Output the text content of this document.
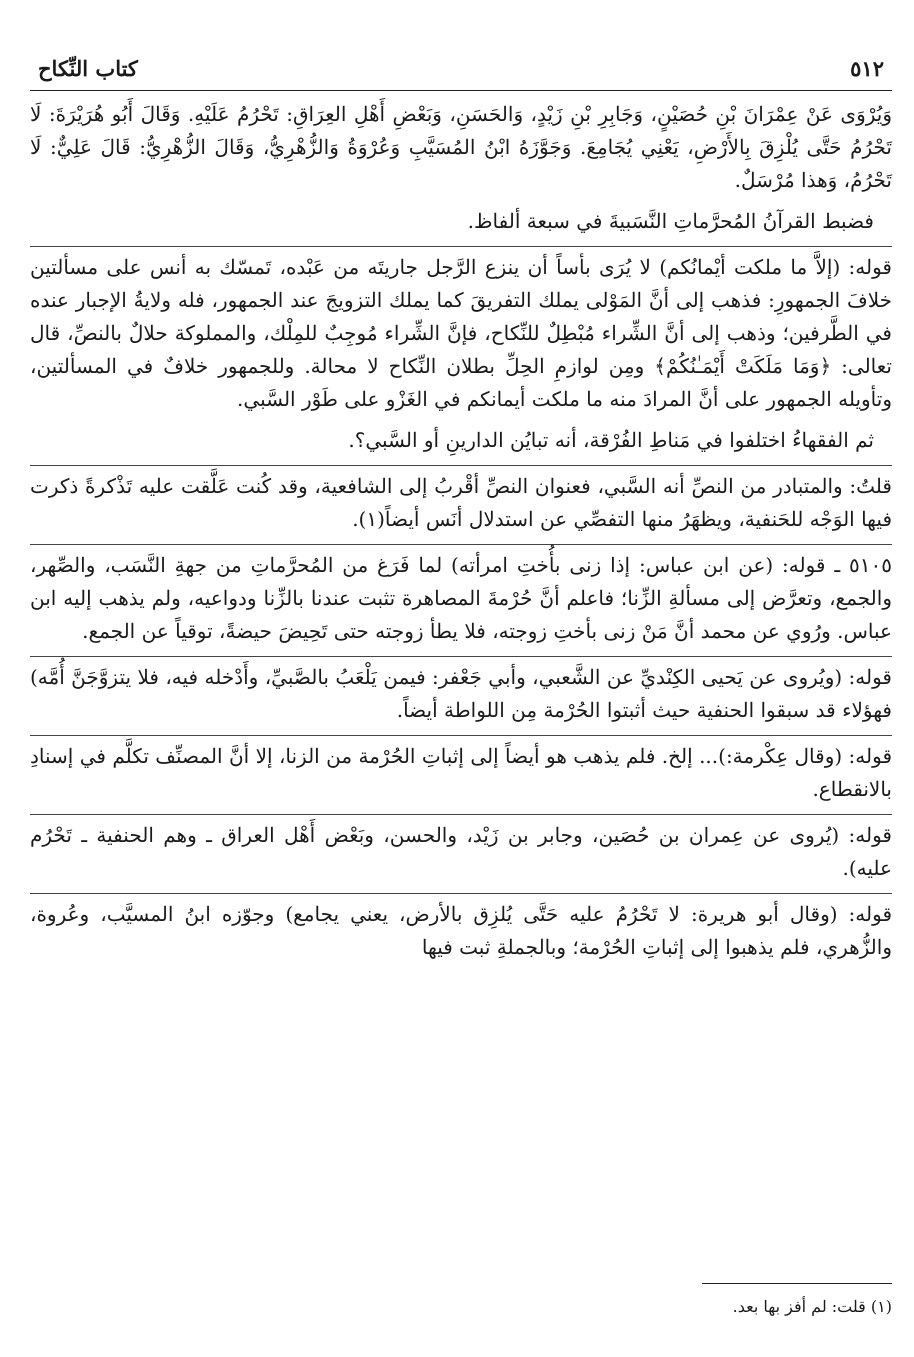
٥١٢
كتاب النِّكاح

وَيُرْوَى عَنْ عِمْرَانَ بْنِ حُصَيْنٍ، وَجَابِرِ بْنِ زَيْدٍ، وَالحَسَنِ، وَبَعْضِ أَهْلِ العِرَاقِ: تَحْرُمُ عَلَيْهِ. وَقَالَ أَبُو هُرَيْرَةَ: لَا تَحْرُمُ حَتَّى يُلْزِقَ بِالأَرْضِ، يَعْنِي يُجَامِعَ. وَجَوَّزَهُ ابْنُ المُسَيَّبِ وَعُرْوَةُ وَالزُّهْرِيُّ، وَقَالَ الزُّهْرِيُّ: قَالَ عَلِيٌّ: لَا تَحْرُمُ، وَهذا مُرْسَلٌ.

فضبط القرآنُ المُحرَّماتِ النَّسَبيةَ في سبعة ألفاظ.

قوله: (إلاَّ ما ملكت أيْمانُكم) لا يُرَى بأساً أن ينزع الرَّجل جاريتَه من عَبْده، تَمسّك به أنس على مسألتين خلافَ الجمهورِ: فذهب إلى أنَّ المَوْلى يملك التفريقَ كما يملك التزويجَ عند الجمهور، فله ولايةُ الإجبار عنده في الطَّرفين؛ وذهب إلى أنَّ الشِّراء مُبْطِلٌ للنِّكاح، فإنَّ الشِّراء مُوجِبٌ للمِلْك، والمملوكة حلالٌ بالنصِّ، قال تعالى: ﴿وَمَا مَلَكَتْ أَيْمَـٰنُكُمْ﴾ ومِن لوازمِ الحِلِّ بطلان النِّكاح لا محالة. وللجمهور خلافٌ في المسألتين، وتأويله الجمهور على أنَّ المرادَ منه ما ملكت أيمانكم في الغَزْو على طَوْر السَّبي.

ثم الفقهاءُ اختلفوا في مَناطِ الفُرْقة، أنه تبايُن الدارينِ أو السَّبي؟.

قلتُ: والمتبادر من النصِّ أنه السَّبي، فعنوان النصِّ أقْربُ إلى الشافعية، وقد كُنت عَلَّقت عليه تَذْكرةً ذكرت فيها الوَجْه للحَنفية، ويظهَرُ منها التفصِّي عن استدلال أنَس أيضاً(١).

٥١٠٥ ـ قوله: (عن ابن عباس: إذا زنى بأُختِ امرأته) لما فَرَغ من المُحرَّماتِ من جهةِ النَّسَب، والصِّهر، والجمع، وتعرَّض إلى مسألةِ الزِّنا؛ فاعلم أنَّ حُرْمةَ المصاهرة تثبت عندنا بالزِّنا ودواعيه، ولم يذهب إليه ابن عباس. ورُوي عن محمد أنَّ مَنْ زنى بأختِ زوجته، فلا يطأ زوجته حتى تَحِيضَ حيضةً، توقياً عن الجمع.

قوله: (ويُروى عن يَحيى الكِنْديِّ عن الشَّعبي، وأبي جَعْفر: فيمن يَلْعَبُ بالصَّبيِّ، وأَدْخله فيه، فلا يتزوَّجَنَّ أُمَّه) فهؤلاء قد سبقوا الحنفية حيث أثبتوا الحُرْمة مِن اللواطة أيضاً.

قوله: (وقال عِكْرمة:)... إلخ. فلم يذهب هو أيضاً إلى إثباتِ الحُرْمة من الزنا، إلا أنَّ المصنِّف تكلَّم في إسنادِ بالانقطاع.

قوله: (يُروى عن عِمران بن حُصَين، وجابر بن زَيْد، والحسن، وبَعْض أَهْل العراق ـ وهم الحنفية ـ تَحْرُم عليه).

قوله: (وقال أبو هريرة: لا تَحْرُمُ عليه حَتَّى يُلزِق بالأرض، يعني يجامع) وجوّزه ابنُ المسيَّب، وعُروة، والزُّهري، فلم يذهبوا إلى إثباتِ الحُرْمة؛ وبالجملةِ ثبت فيها

(١) قلت: لم أفز بها بعد.
